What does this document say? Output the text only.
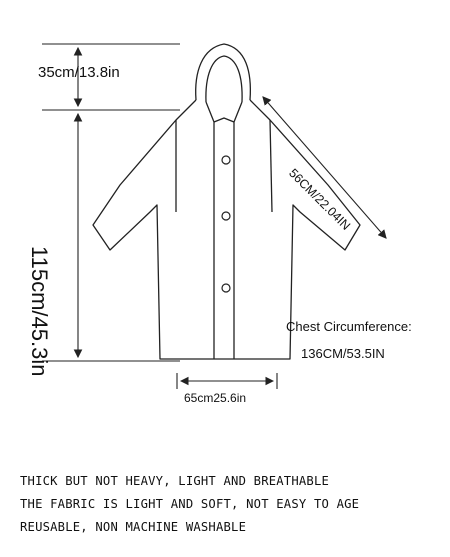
35cm/13.8in
115cm/45.3in
56CM/22.04IN
Chest Circumference:
136CM/53.5IN
65cm25.6in
THICK BUT NOT HEAVY, LIGHT AND BREATHABLE
THE FABRIC IS LIGHT AND SOFT, NOT EASY TO AGE
REUSABLE, NON MACHINE WASHABLE
